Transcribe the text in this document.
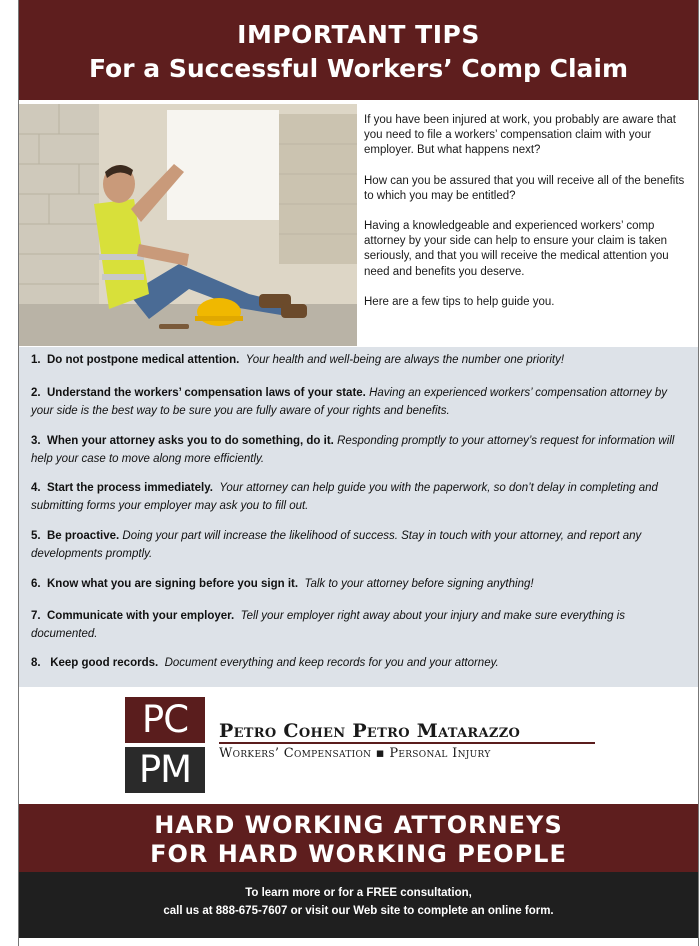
IMPORTANT TIPS
For a Successful Workers’ Comp Claim

If you have been injured at work, you probably are aware that you need to file a workers’ compensation claim with your employer. But what happens next?

How can you be assured that you will receive all of the benefits to which you may be entitled?

Having a knowledgeable and experienced workers’ comp attorney by your side can help to ensure your claim is taken seriously, and that you will receive the medical attention you need and benefits you deserve.

Here are a few tips to help guide you.

1. Do not postpone medical attention. Your health and well-being are always the number one priority!
2. Understand the workers’ compensation laws of your state. Having an experienced workers’ compensation attorney by your side is the best way to be sure you are fully aware of your rights and benefits.
3. When your attorney asks you to do something, do it. Responding promptly to your attorney’s request for information will help your case to move along more efficiently.
4. Start the process immediately. Your attorney can help guide you with the paperwork, so don’t delay in completing and submitting forms your employer may ask you to fill out.
5. Be proactive. Doing your part will increase the likelihood of success. Stay in touch with your attorney, and report any developments promptly.
6. Know what you are signing before you sign it. Talk to your attorney before signing anything!
7. Communicate with your employer. Tell your employer right away about your injury and make sure everything is documented.
8. Keep good records. Document everything and keep records for you and your attorney.
PC
PM
Petro Cohen Petro Matarazzo
Workers’ Compensation ▪ Personal Injury
HARD WORKING ATTORNEYS
FOR HARD WORKING PEOPLE
To learn more or for a FREE consultation,
call us at 888-675-7607 or visit our Web site to complete an online form.
